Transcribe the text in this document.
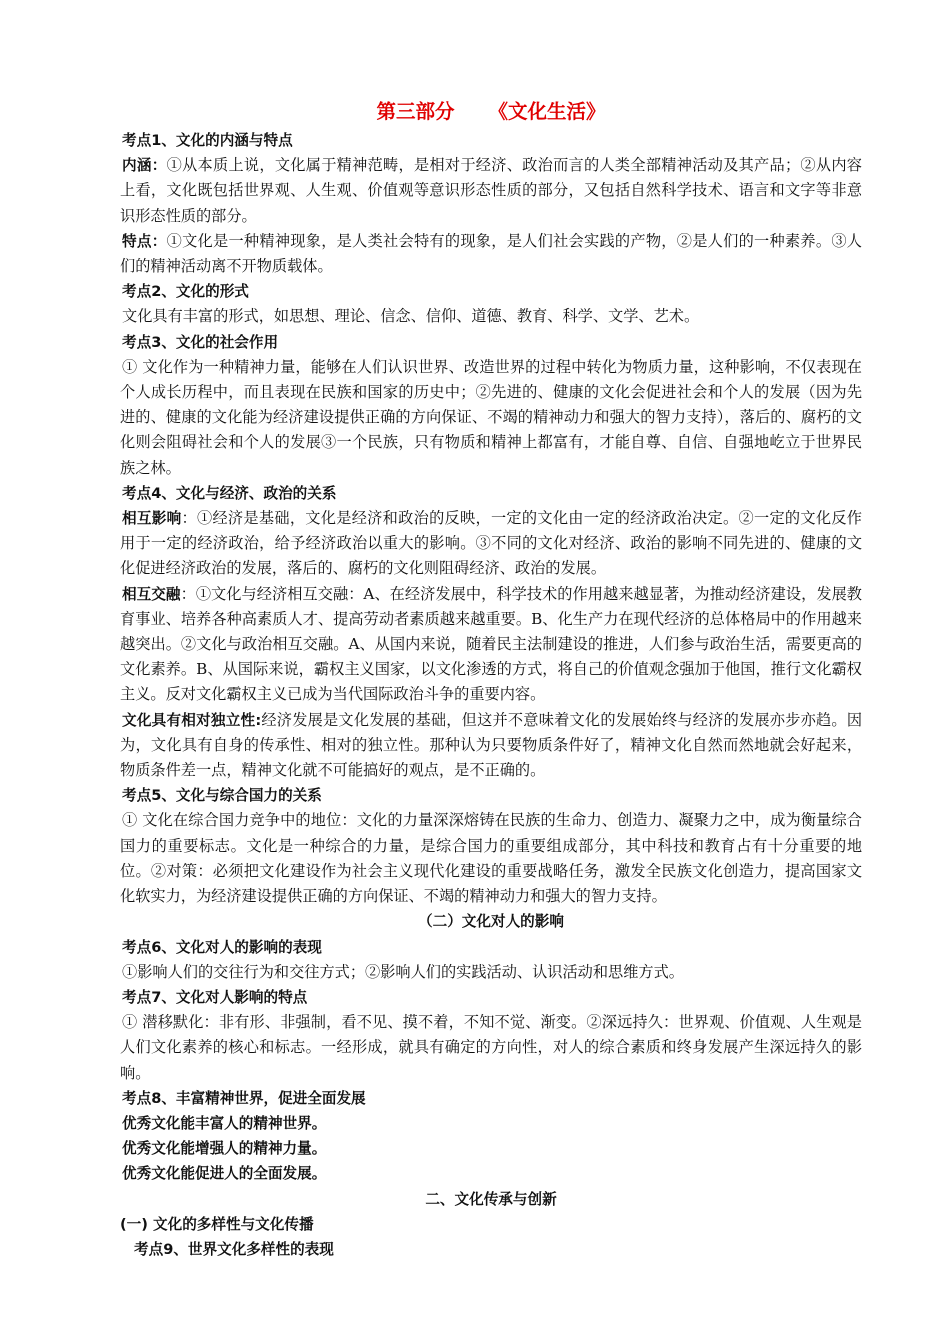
第三部分 《文化生活》

考点1、文化的内涵与特点

内涵：①从本质上说，文化属于精神范畴，是相对于经济、政治而言的人类全部精神活动及其产品；②从内容上看，文化既包括世界观、人生观、价值观等意识形态性质的部分，又包括自然科学技术、语言和文字等非意识形态性质的部分。

特点：①文化是一种精神现象，是人类社会特有的现象，是人们社会实践的产物，②是人们的一种素养。③人们的精神活动离不开物质载体。

考点2、文化的形式

文化具有丰富的形式，如思想、理论、信念、信仰、道德、教育、科学、文学、艺术。

考点3、文化的社会作用

① 文化作为一种精神力量，能够在人们认识世界、改造世界的过程中转化为物质力量，这种影响，不仅表现在个人成长历程中，而且表现在民族和国家的历史中；②先进的、健康的文化会促进社会和个人的发展（因为先进的、健康的文化能为经济建设提供正确的方向保证、不竭的精神动力和强大的智力支持），落后的、腐朽的文化则会阻碍社会和个人的发展③一个民族，只有物质和精神上都富有，才能自尊、自信、自强地屹立于世界民族之林。

考点4、文化与经济、政治的关系

相互影响：①经济是基础，文化是经济和政治的反映，一定的文化由一定的经济政治决定。②一定的文化反作用于一定的经济政治，给予经济政治以重大的影响。③不同的文化对经济、政治的影响不同先进的、健康的文化促进经济政治的发展，落后的、腐朽的文化则阻碍经济、政治的发展。

相互交融：①文化与经济相互交融：A、在经济发展中，科学技术的作用越来越显著，为推动经济建设，发展教育事业、培养各种高素质人才、提高劳动者素质越来越重要。B、化生产力在现代经济的总体格局中的作用越来越突出。②文化与政治相互交融。A、从国内来说，随着民主法制建设的推进，人们参与政治生活，需要更高的文化素养。B、从国际来说，霸权主义国家，以文化渗透的方式，将自己的价值观念强加于他国，推行文化霸权主义。反对文化霸权主义已成为当代国际政治斗争的重要内容。

文化具有相对独立性:经济发展是文化发展的基础，但这并不意味着文化的发展始终与经济的发展亦步亦趋。因为，文化具有自身的传承性、相对的独立性。那种认为只要物质条件好了，精神文化自然而然地就会好起来，物质条件差一点，精神文化就不可能搞好的观点，是不正确的。

考点5、文化与综合国力的关系

① 文化在综合国力竞争中的地位：文化的力量深深熔铸在民族的生命力、创造力、凝聚力之中，成为衡量综合国力的重要标志。文化是一种综合的力量，是综合国力的重要组成部分，其中科技和教育占有十分重要的地位。②对策：必须把文化建设作为社会主义现代化建设的重要战略任务，激发全民族文化创造力，提高国家文化软实力，为经济建设提供正确的方向保证、不竭的精神动力和强大的智力支持。

（二）文化对人的影响

考点6、文化对人的影响的表现

①影响人们的交往行为和交往方式；②影响人们的实践活动、认识活动和思维方式。

考点7、文化对人影响的特点

① 潜移默化：非有形、非强制，看不见、摸不着，不知不觉、渐变。②深远持久：世界观、价值观、人生观是人们文化素养的核心和标志。一经形成，就具有确定的方向性，对人的综合素质和终身发展产生深远持久的影响。

考点8、丰富精神世界，促进全面发展

优秀文化能丰富人的精神世界。

优秀文化能增强人的精神力量。

优秀文化能促进人的全面发展。

二、文化传承与创新

(一) 文化的多样性与文化传播

考点9、世界文化多样性的表现
